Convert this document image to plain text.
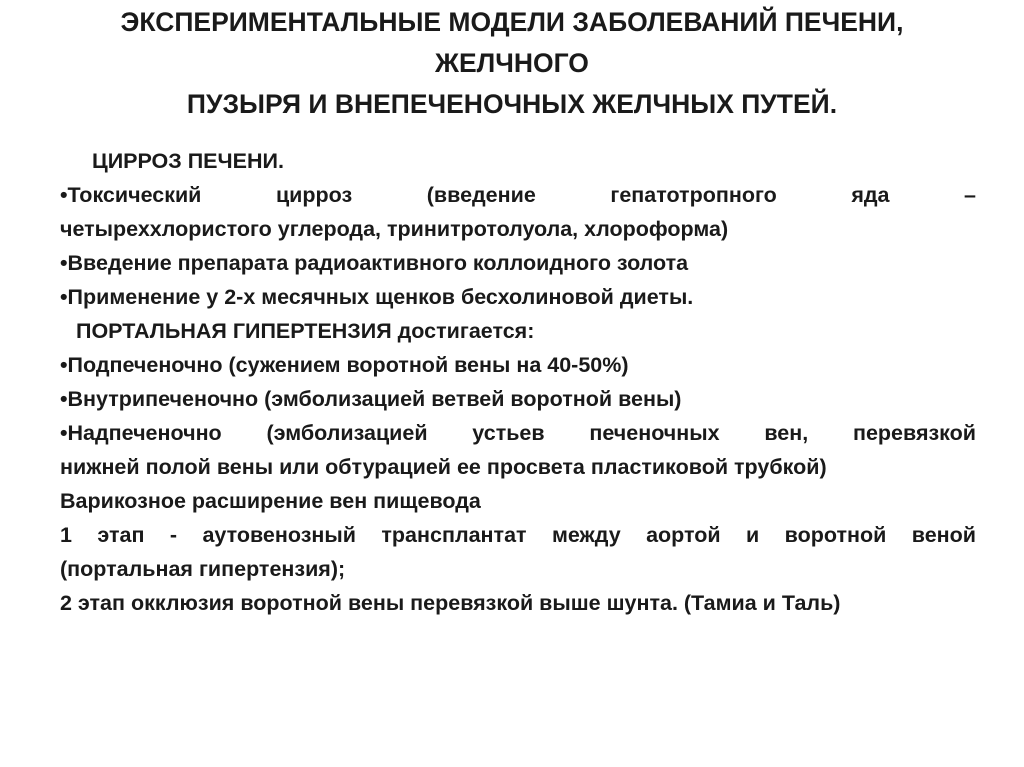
ЭКСПЕРИМЕНТАЛЬНЫЕ МОДЕЛИ ЗАБОЛЕВАНИЙ ПЕЧЕНИ,
ЖЕЛЧНОГО
ПУЗЫРЯ И ВНЕПЕЧЕНОЧНЫХ ЖЕЛЧНЫХ ПУТЕЙ.
ЦИРРОЗ ПЕЧЕНИ.
•Токсический цирроз (введение гепатотропного яда –
четыреххлористого углерода, тринитротолуола, хлороформа)
•Введение препарата радиоактивного коллоидного золота
•Применение у 2-х месячных щенков бесхолиновой диеты.
ПОРТАЛЬНАЯ ГИПЕРТЕНЗИЯ достигается:
•Подпеченочно (сужением воротной вены на 40-50%)
•Внутрипеченочно (эмболизацией ветвей воротной вены)
•Надпеченочно (эмболизацией устьев печеночных вен, перевязкой
нижней полой вены или обтурацией ее просвета пластиковой трубкой)
Варикозное расширение вен пищевода
1 этап - аутовенозный трансплантат между аортой и воротной веной
(портальная гипертензия);
2 этап окклюзия воротной вены перевязкой выше шунта. (Тамиа и Таль)
